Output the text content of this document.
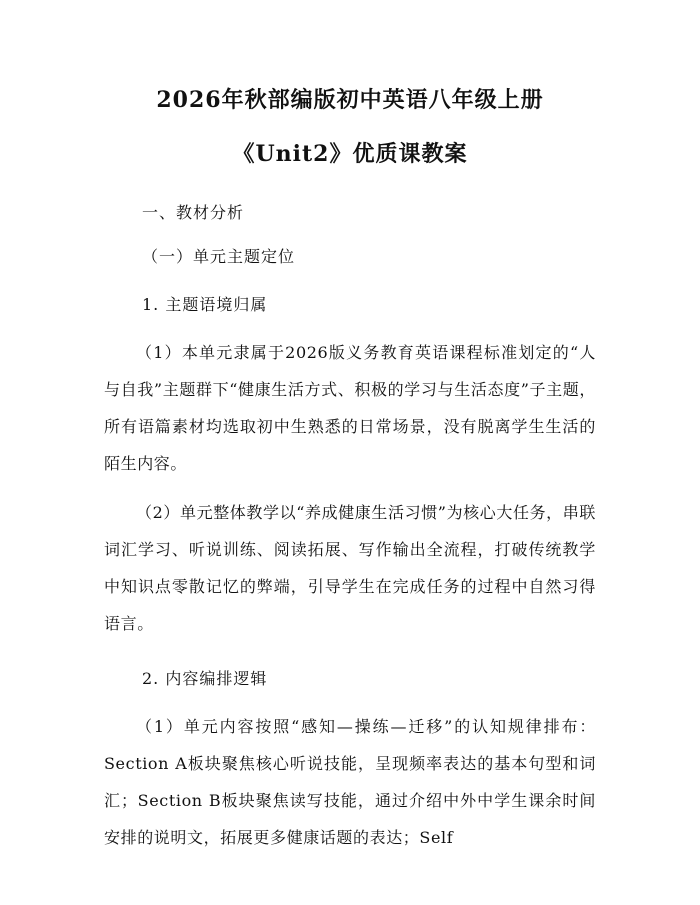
2026年秋部编版初中英语八年级上册
《Unit2》优质课教案

一、教材分析

（一）单元主题定位

1. 主题语境归属

（1）本单元隶属于2026版义务教育英语课程标准划定的“人与自我”主题群下“健康生活方式、积极的学习与生活态度”子主题，所有语篇素材均选取初中生熟悉的日常场景，没有脱离学生生活的陌生内容。

（2）单元整体教学以“养成健康生活习惯”为核心大任务，串联词汇学习、听说训练、阅读拓展、写作输出全流程，打破传统教学中知识点零散记忆的弊端，引导学生在完成任务的过程中自然习得语言。

2. 内容编排逻辑

（1）单元内容按照“感知—操练—迁移”的认知规律排布：Section A板块聚焦核心听说技能，呈现频率表达的基本句型和词汇；Section B板块聚焦读写技能，通过介绍中外中学生课余时间安排的说明文，拓展更多健康话题的表达；Self
